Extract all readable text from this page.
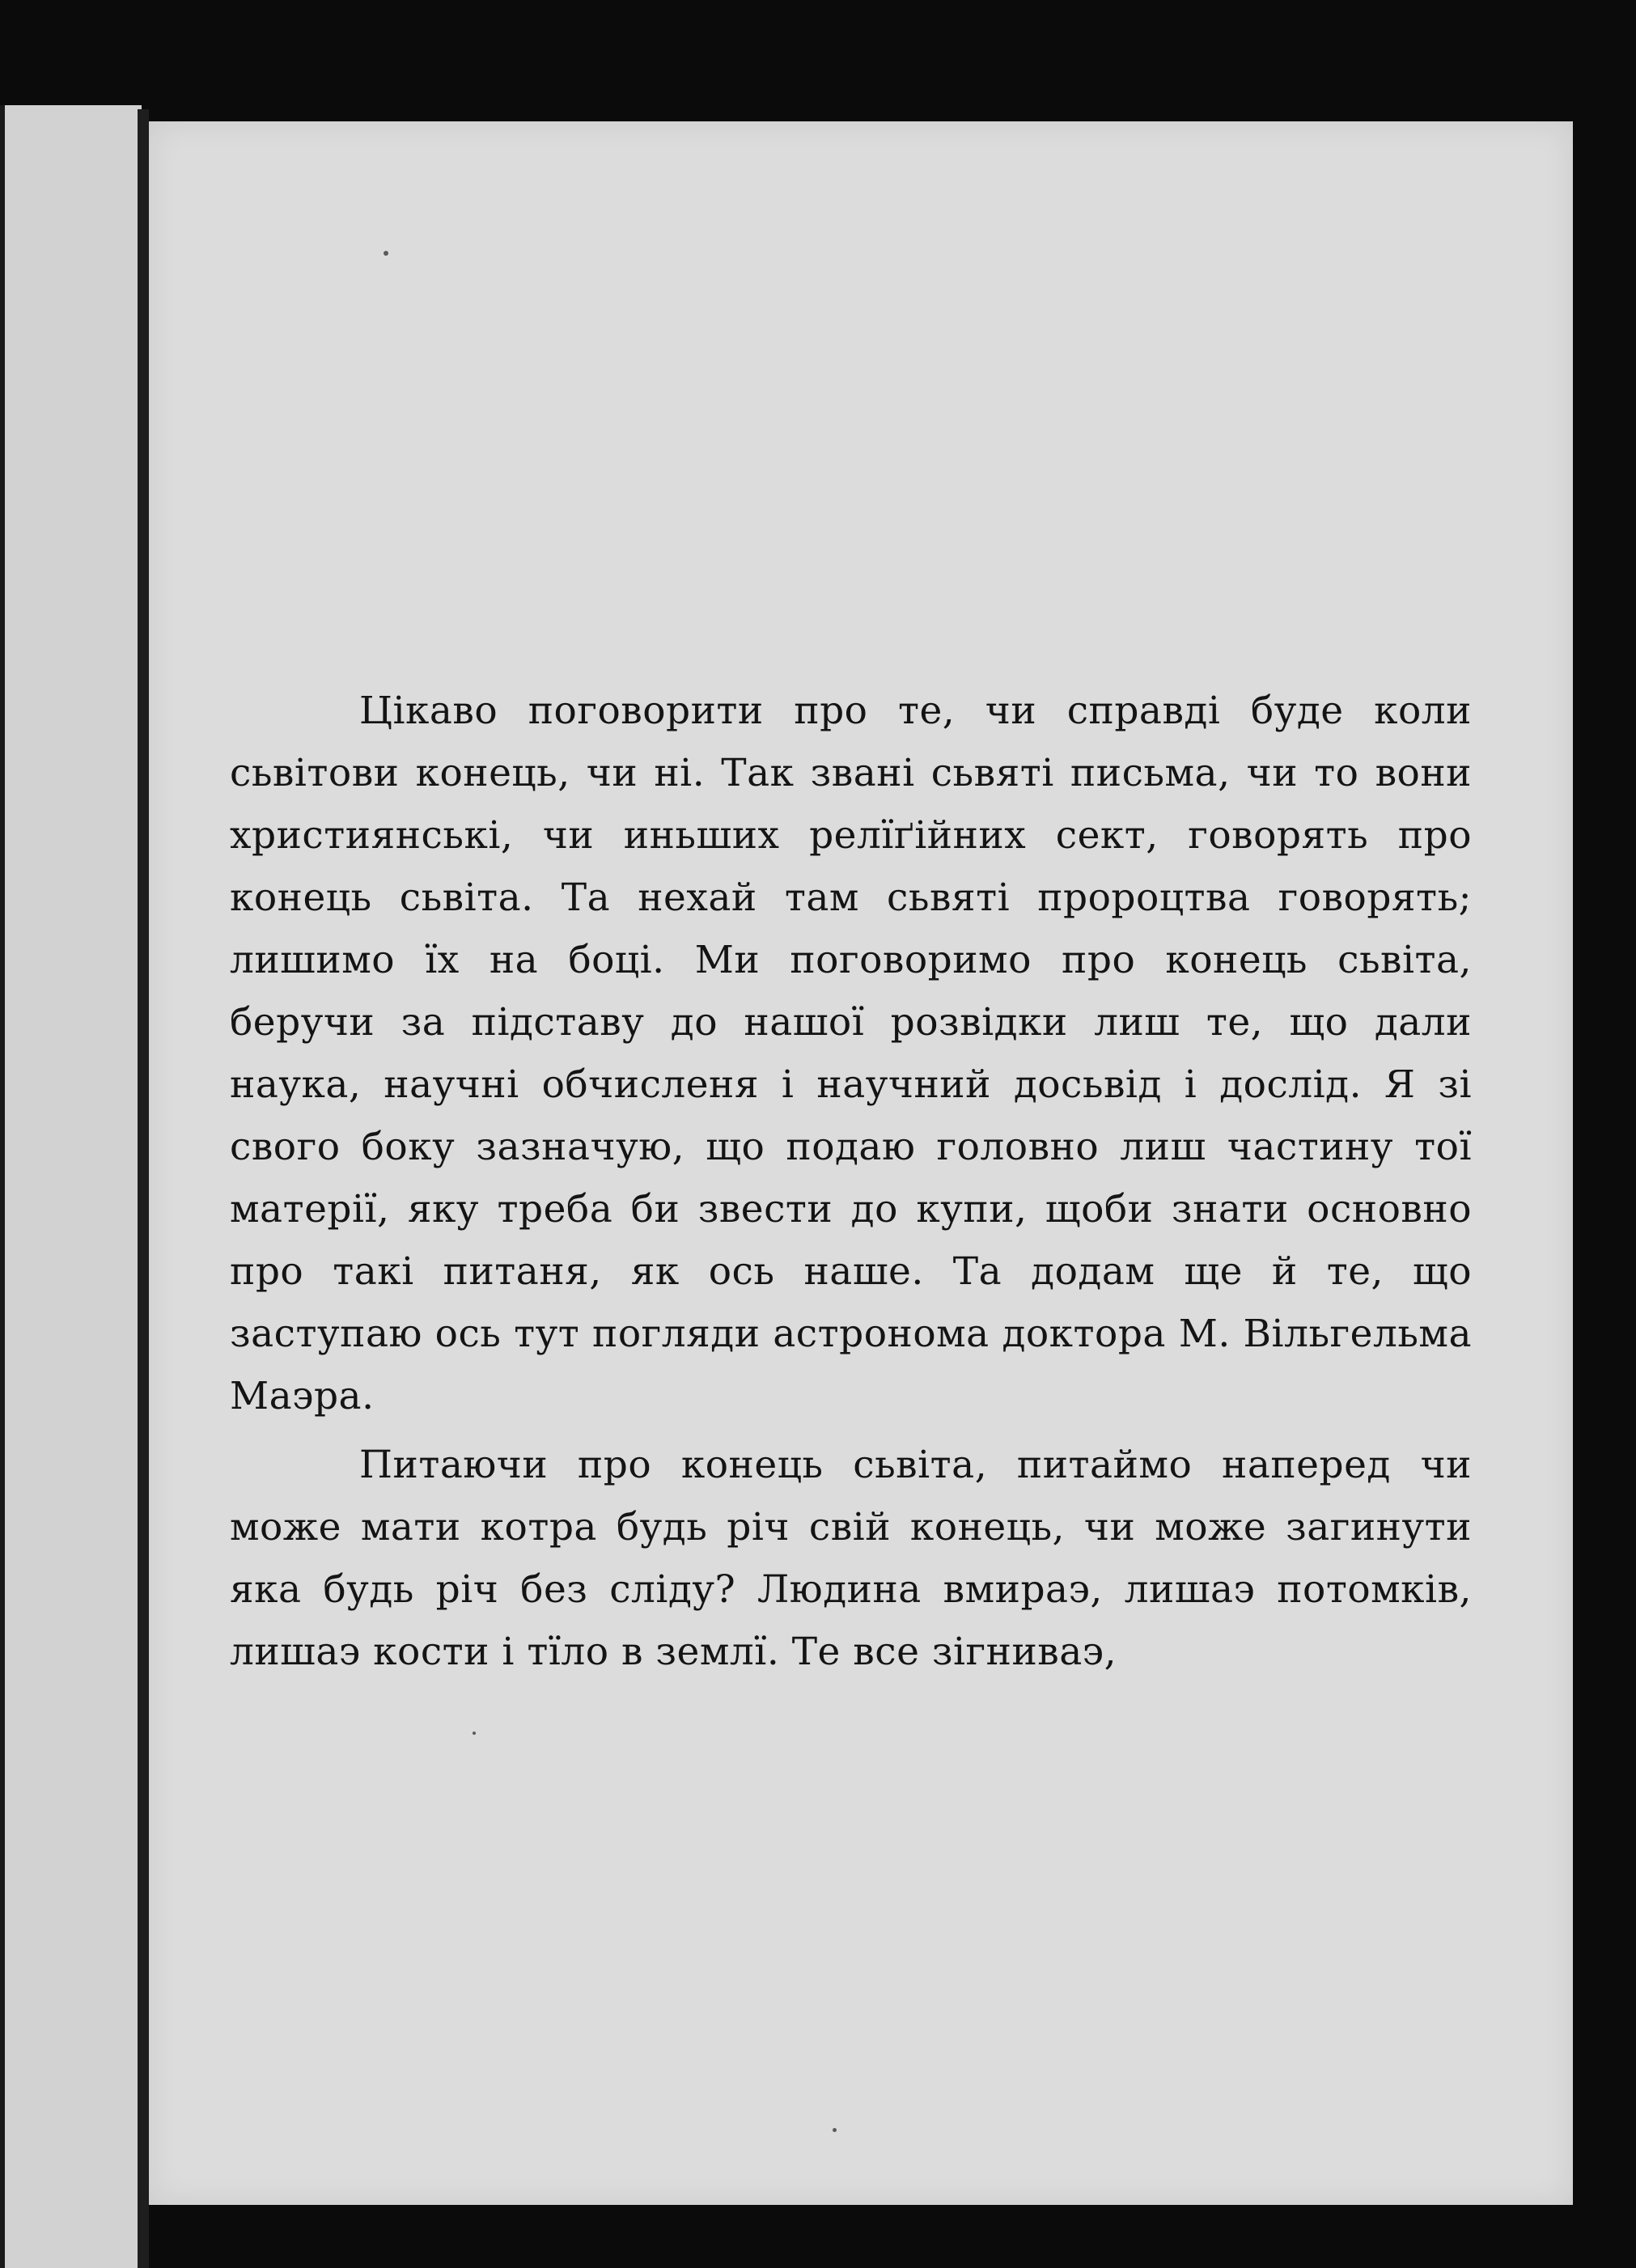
Цікаво поговорити про те, чи справді буде коли сьвітови конець, чи ні. Так звані сьвяті письма, чи то вони християнські, чи иньших релїґійних сект, говорять про конець сьвіта. Та нехай там сьвяті пророцтва говорять; лишимо їх на боці. Ми поговоримо про конець сьвіта, беручи за підставу до нашої розвідки лиш те, що дали наука, научні обчисленя і научний досьвід і дослід. Я зі свого боку зазначую, що подаю головно лиш частину тої матерії, яку треба би звести до купи, щоби знати основно про такі питаня, як ось наше. Та додам ще й те, що заступаю ось тут погляди астронома доктора М. Вільгельма Маэра.

Питаючи про конець сьвіта, питаймо наперед чи може мати котра будь річ свій конець, чи може загинути яка будь річ без сліду? Людина вмираэ, лишаэ потомків, лишаэ кости і тїло в землї. Те все зігниваэ,
